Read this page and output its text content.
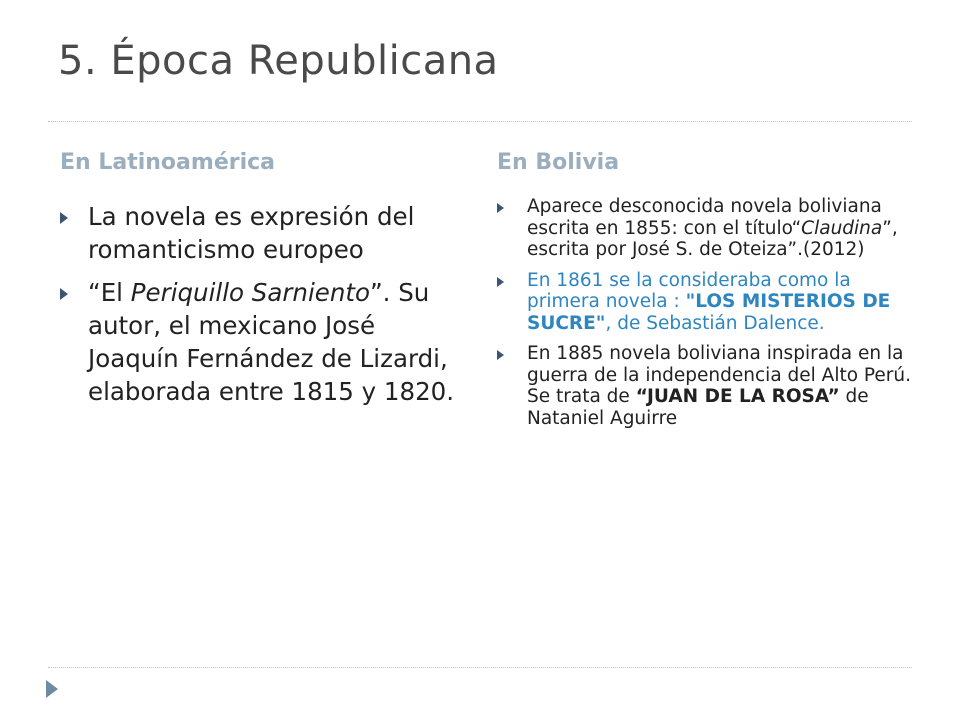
5. Época Republicana
En Latinoamérica	En Bolivia
La novela es expresión del romanticismo europeo
“El Periquillo Sarniento”. Su autor, el mexicano José Joaquín Fernández de Lizardi, elaborada entre 1815 y 1820.
Aparece desconocida novela boliviana escrita en 1855: con el título“Claudina”, escrita por José S. de Oteiza”.(2012)
En 1861 se la consideraba como la primera novela : "LOS MISTERIOS DE SUCRE", de Sebastián Dalence.
En 1885 novela boliviana inspirada en la guerra de la independencia del Alto Perú. Se trata de “JUAN DE LA ROSA” de Nataniel Aguirre
